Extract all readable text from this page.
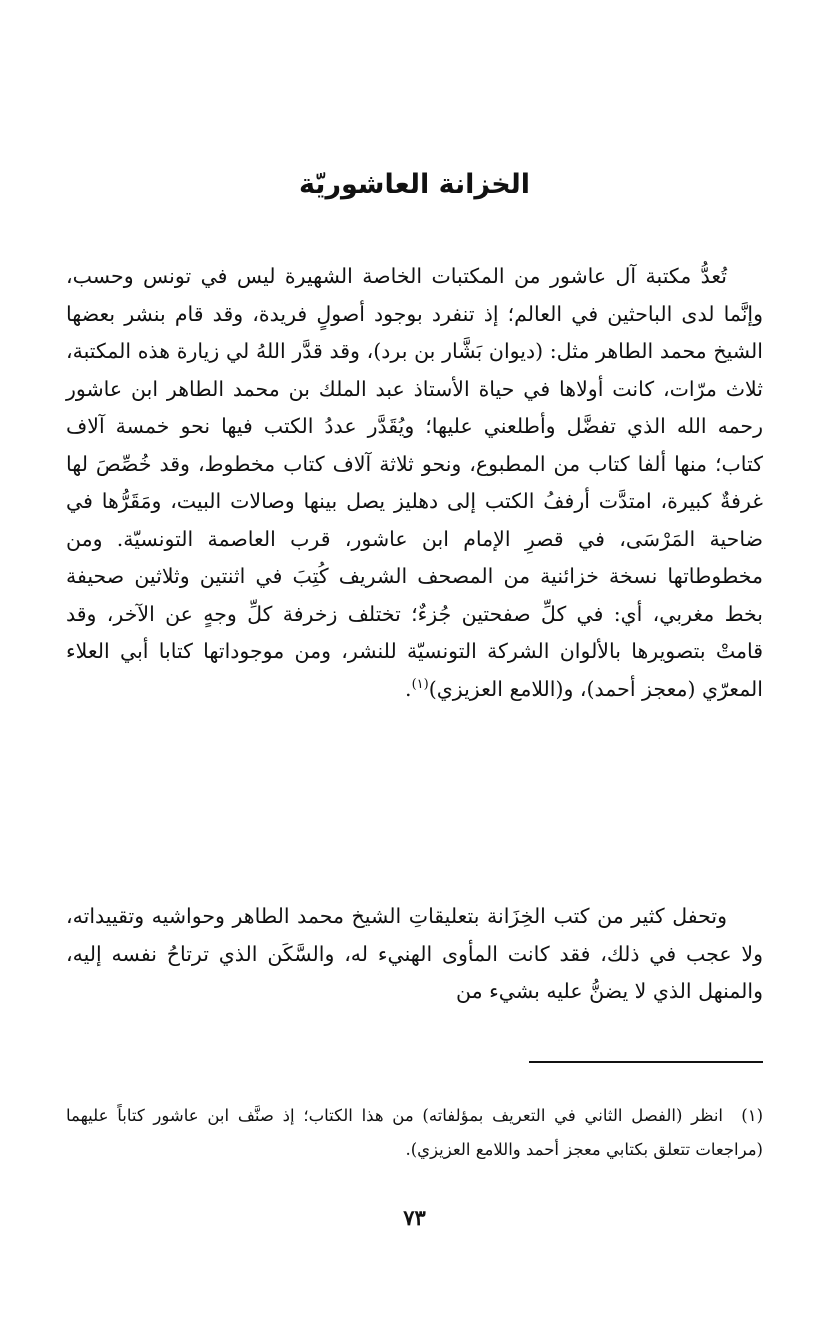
الخزانة العاشوريّة

تُعدُّ مكتبة آل عاشور من المكتبات الخاصة الشهيرة ليس في تونس وحسب، وإنَّما لدى الباحثين في العالم؛ إذ تنفرد بوجود أصولٍ فريدة، وقد قام بنشر بعضها الشيخ محمد الطاهر مثل: (ديوان بَشَّار بن برد)، وقد قدَّر اللهُ لي زيارة هذه المكتبة، ثلاث مرّات، كانت أولاها في حياة الأستاذ عبد الملك بن محمد الطاهر ابن عاشور رحمه الله الذي تفضَّل وأطلعني عليها؛ ويُقَدَّر عددُ الكتب فيها نحو خمسة آلاف كتاب؛ منها ألفا كتاب من المطبوع، ونحو ثلاثة آلاف كتاب مخطوط، وقد خُصِّصَ لها غرفةٌ كبيرة، امتدَّت أرففُ الكتب إلى دهليز يصل بينها وصالات البيت، ومَقَرُّها في ضاحية المَرْسَى، في قصرِ الإمام ابن عاشور، قرب العاصمة التونسيّة. ومن مخطوطاتها نسخة خزائنية من المصحف الشريف كُتِبَ في اثنتين وثلاثين صحيفة بخط مغربي، أي: في كلِّ صفحتين جُزءٌ؛ تختلف زخرفة كلِّ وجهٍ عن الآخر، وقد قامتْ بتصويرها بالألوان الشركة التونسيّة للنشر، ومن موجوداتها كتابا أبي العلاء المعرّي (معجز أحمد)، و(اللامع العزيزي)$^{(١)}$.

وتحفل كثير من كتب الخِزَانة بتعليقاتِ الشيخ محمد الطاهر وحواشيه وتقييداته، ولا عجب في ذلك، فقد كانت المأوى الهنيء له، والسَّكَن الذي ترتاحُ نفسه إليه، والمنهل الذي لا يضنُّ عليه بشيء من

(١)انظر (الفصل الثاني في التعريف بمؤلفاته) من هذا الكتاب؛ إذ صنَّف ابن عاشور كتاباً عليهما (مراجعات تتعلق بكتابي معجز أحمد واللامع العزيزي).

٧٣
